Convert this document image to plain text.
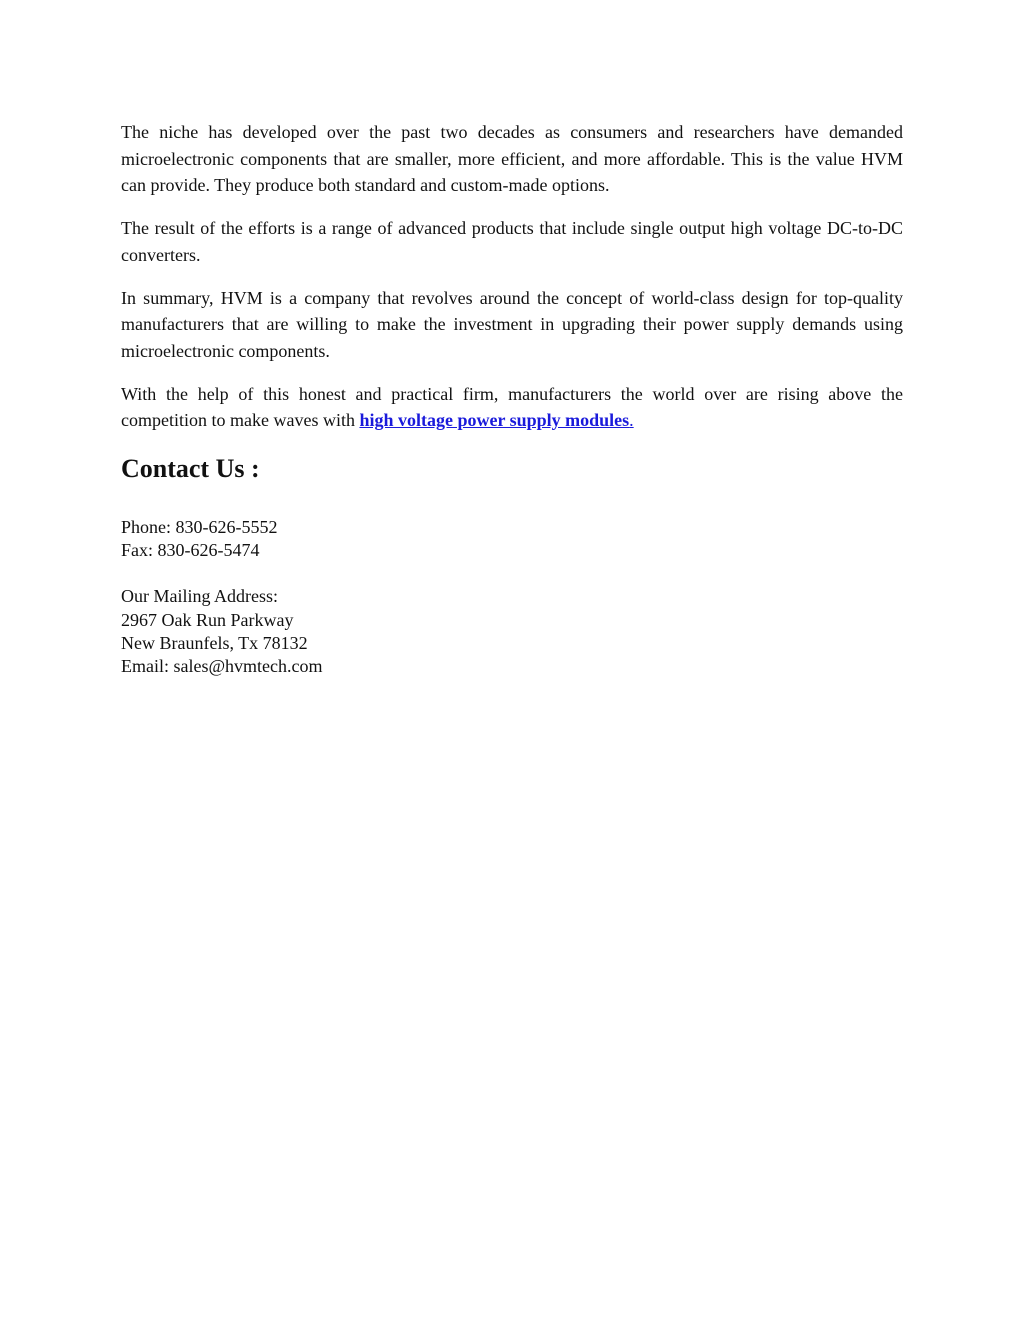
The niche has developed over the past two decades as consumers and researchers have demanded microelectronic components that are smaller, more efficient, and more affordable. This is the value HVM can provide. They produce both standard and custom-made options.

The result of the efforts is a range of advanced products that include single output high voltage DC-to-DC converters.

In summary, HVM is a company that revolves around the concept of world-class design for top-quality manufacturers that are willing to make the investment in upgrading their power supply demands using microelectronic components.

With the help of this honest and practical firm, manufacturers the world over are rising above the competition to make waves with high voltage power supply modules.

Contact Us :

Phone: 830-626-5552

Fax: 830-626-5474

Our Mailing Address:

2967 Oak Run Parkway

New Braunfels, Tx 78132

Email: sales@hvmtech.com
